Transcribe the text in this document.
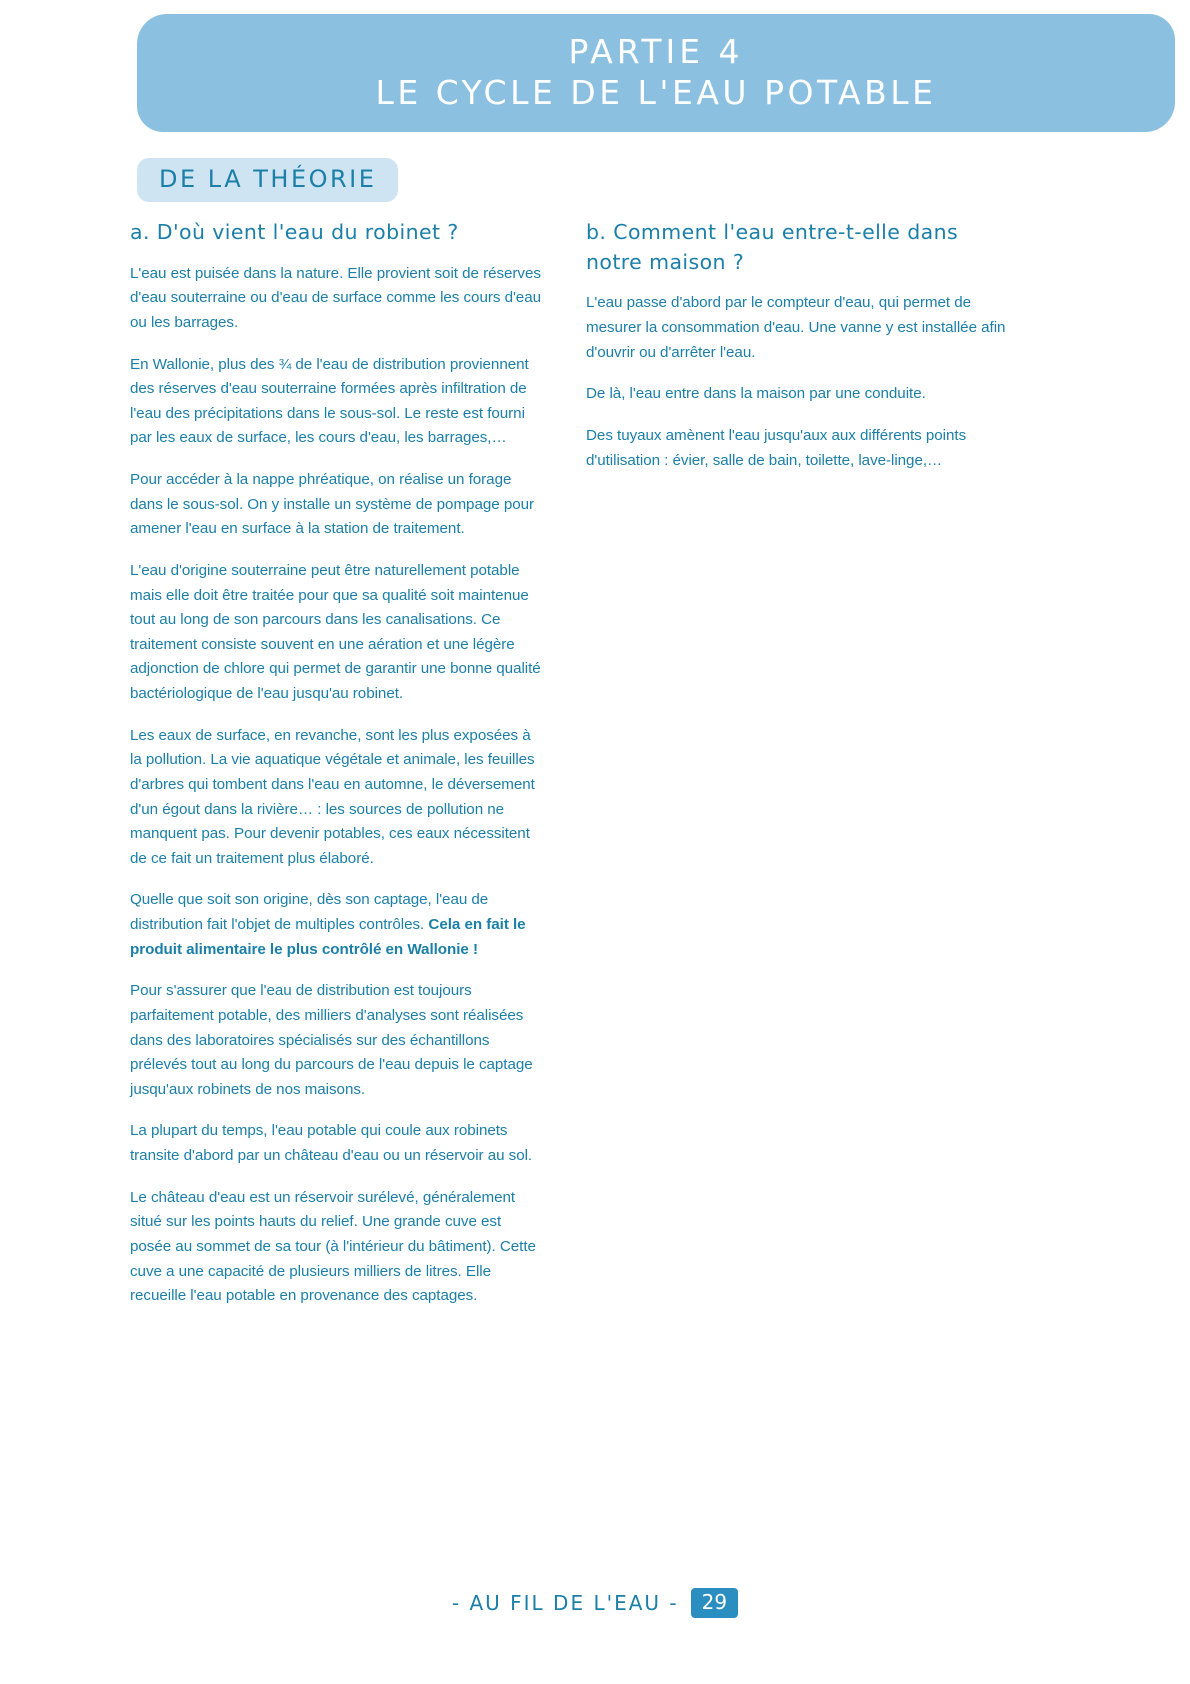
PARTIE 4
LE CYCLE DE L'EAU POTABLE
DE LA THÉORIE
a. D'où vient l'eau du robinet ?

L'eau est puisée dans la nature. Elle provient soit de réserves d'eau souterraine ou d'eau de surface comme les cours d'eau ou les barrages.

En Wallonie, plus des ¾ de l'eau de distribution proviennent des réserves d'eau souterraine formées après infiltration de l'eau des précipitations dans le sous-sol. Le reste est fourni par les eaux de surface, les cours d'eau, les barrages,…

Pour accéder à la nappe phréatique, on réalise un forage dans le sous-sol. On y installe un système de pompage pour amener l'eau en surface à la station de traitement.

L'eau d'origine souterraine peut être naturellement potable mais elle doit être traitée pour que sa qualité soit maintenue tout au long de son parcours dans les canalisations. Ce traitement consiste souvent en une aération et une légère adjonction de chlore qui permet de garantir une bonne qualité bactériologique de l'eau jusqu'au robinet.

Les eaux de surface, en revanche, sont les plus exposées à la pollution. La vie aquatique végétale et animale, les feuilles d'arbres qui tombent dans l'eau en automne, le déversement d'un égout dans la rivière… : les sources de pollution ne manquent pas. Pour devenir potables, ces eaux nécessitent de ce fait un traitement plus élaboré.

Quelle que soit son origine, dès son captage, l'eau de distribution fait l'objet de multiples contrôles. Cela en fait le produit alimentaire le plus contrôlé en Wallonie !

Pour s'assurer que l'eau de distribution est toujours parfaitement potable, des milliers d'analyses sont réalisées dans des laboratoires spécialisés sur des échantillons prélevés tout au long du parcours de l'eau depuis le captage jusqu'aux robinets de nos maisons.

La plupart du temps, l'eau potable qui coule aux robinets transite d'abord par un château d'eau ou un réservoir au sol.

Le château d'eau est un réservoir surélevé, généralement situé sur les points hauts du relief. Une grande cuve est posée au sommet de sa tour (à l'intérieur du bâtiment). Cette cuve a une capacité de plusieurs milliers de litres. Elle recueille l'eau potable en provenance des captages.

b. Comment l'eau entre-t-elle dans notre maison ?

L'eau passe d'abord par le compteur d'eau, qui permet de mesurer la consommation d'eau. Une vanne y est installée afin d'ouvrir ou d'arrêter l'eau.

De là, l'eau entre dans la maison par une conduite.

Des tuyaux amènent l'eau jusqu'aux aux différents points d'utilisation : évier, salle de bain, toilette, lave-linge,…

- AU FIL DE L'EAU -	29
